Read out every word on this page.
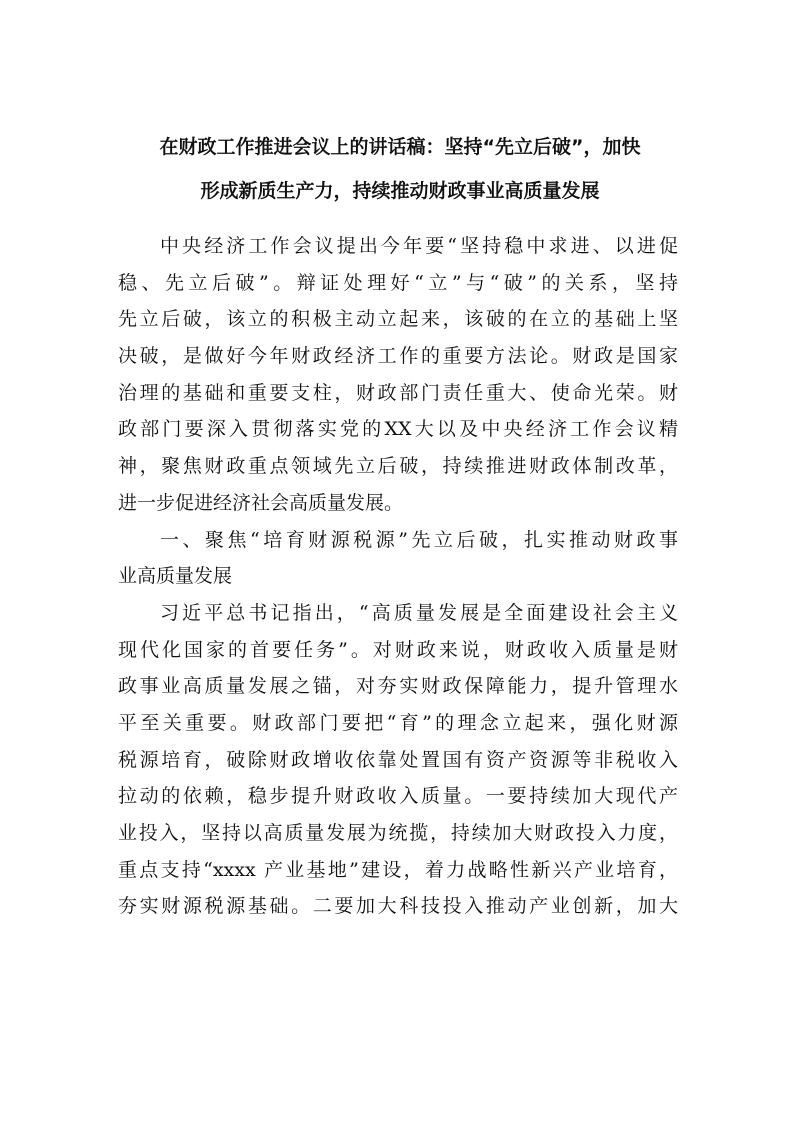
在财政工作推进会议上的讲话稿：坚持“先立后破”，加快
形成新质生产力，持续推动财政事业高质量发展
中央经济工作会议提出今年要“坚持稳中求进、以进促
稳、先立后破”。辩证处理好“立”与“破”的关系，坚持
先立后破，该立的积极主动立起来，该破的在立的基础上坚
决破，是做好今年财政经济工作的重要方法论。财政是国家
治理的基础和重要支柱，财政部门责任重大、使命光荣。财
政部门要深入贯彻落实党的XX大以及中央经济工作会议精
神，聚焦财政重点领域先立后破，持续推进财政体制改革，
进一步促进经济社会高质量发展。
一、聚焦“培育财源税源”先立后破，扎实推动财政事
业高质量发展
习近平总书记指出，“高质量发展是全面建设社会主义
现代化国家的首要任务”。对财政来说，财政收入质量是财
政事业高质量发展之锚，对夯实财政保障能力，提升管理水
平至关重要。财政部门要把“育”的理念立起来，强化财源
税源培育，破除财政增收依靠处置国有资产资源等非税收入
拉动的依赖，稳步提升财政收入质量。一要持续加大现代产
业投入，坚持以高质量发展为统揽，持续加大财政投入力度，
重点支持“xxxx 产业基地”建设，着力战略性新兴产业培育，
夯实财源税源基础。二要加大科技投入推动产业创新，加大
